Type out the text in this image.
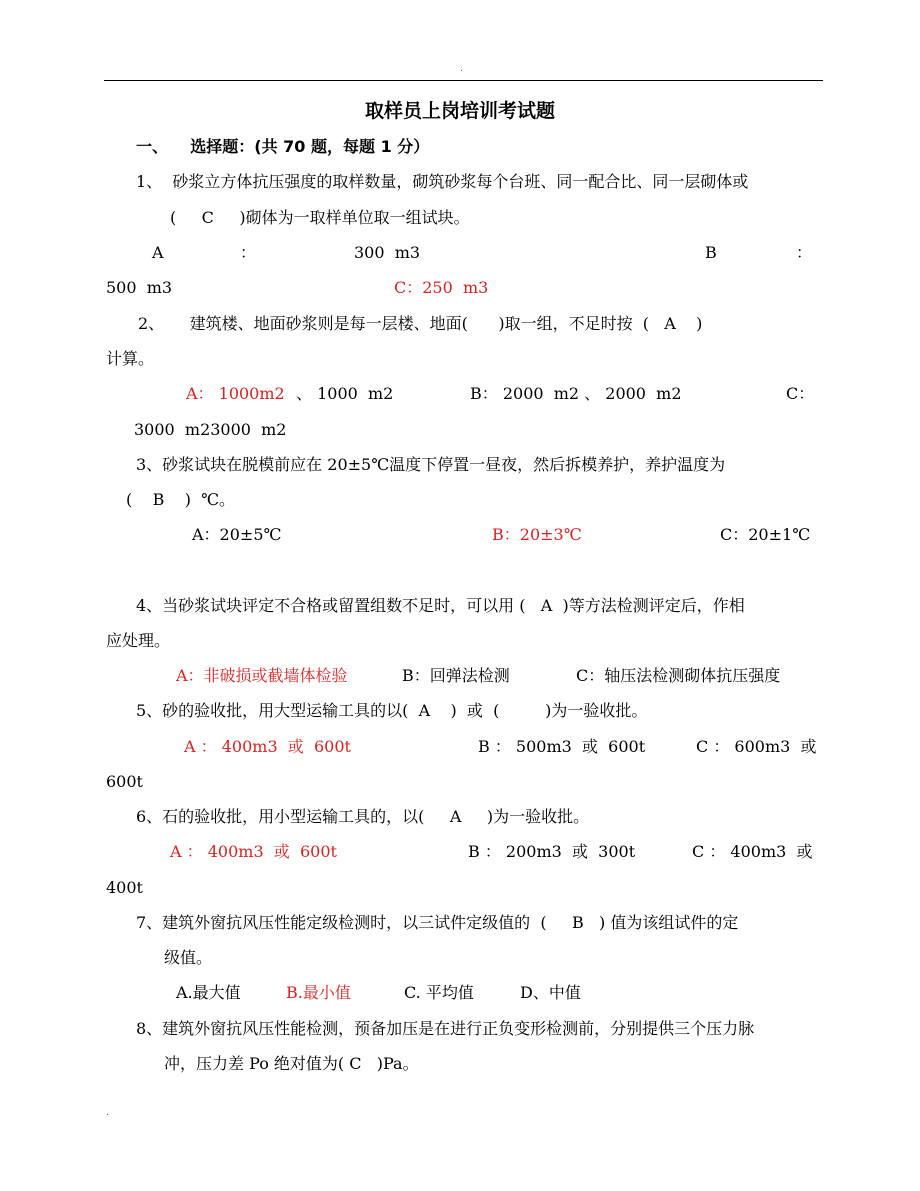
.
取样员上岗培训考试题
一、    选择题：(共 70 题，每题 1 分）
1、  砂浆立方体抗压强度的取样数量，砌筑砂浆每个台班、同一配合比、同一层砌体或
(     C     )砌体为一取样单位取一组试块。
A	：	300  m3	B	：
500  m3	C：250  m3
2、     建筑楼、地面砂浆则是每一层楼、地面(      )取一组，不足时按  (   A    )
计算。
A： 1000m2 、 1000  m2	B： 2000  m2 、 2000  m2	C：
3000  m23000  m2
3、砂浆试块在脱模前应在 20±5℃温度下停置一昼夜，然后拆模养护，养护温度为
(    B    )  ℃。
A：20±5℃	B：20±3℃	C：20±1℃
4、当砂浆试块评定不合格或留置组数不足时，可以用 (   A  )等方法检测评定后，作相
应处理。
A：非破损或截墙体检验	B：回弹法检测	C：轴压法检测砌体抗压强度
5、砂的验收批，用大型运输工具的以(  A    )  或  (         )为一验收批。
A ： 400m3  或  600t	B ： 500m3  或  600t	C ： 600m3  或
600t
6、石的验收批，用小型运输工具的，以(     A     )为一验收批。
A ： 400m3  或  600t	B ： 200m3  或  300t	C ： 400m3  或
400t
7、建筑外窗抗风压性能定级检测时，以三试件定级值的  (     B   ) 值为该组试件的定
级值。
A.最大值	B.最小值	C. 平均值	D、中值
8、建筑外窗抗风压性能检测，预备加压是在进行正负变形检测前，分别提供三个压力脉
冲，压力差 Po 绝对值为( C   )Pa。
.
